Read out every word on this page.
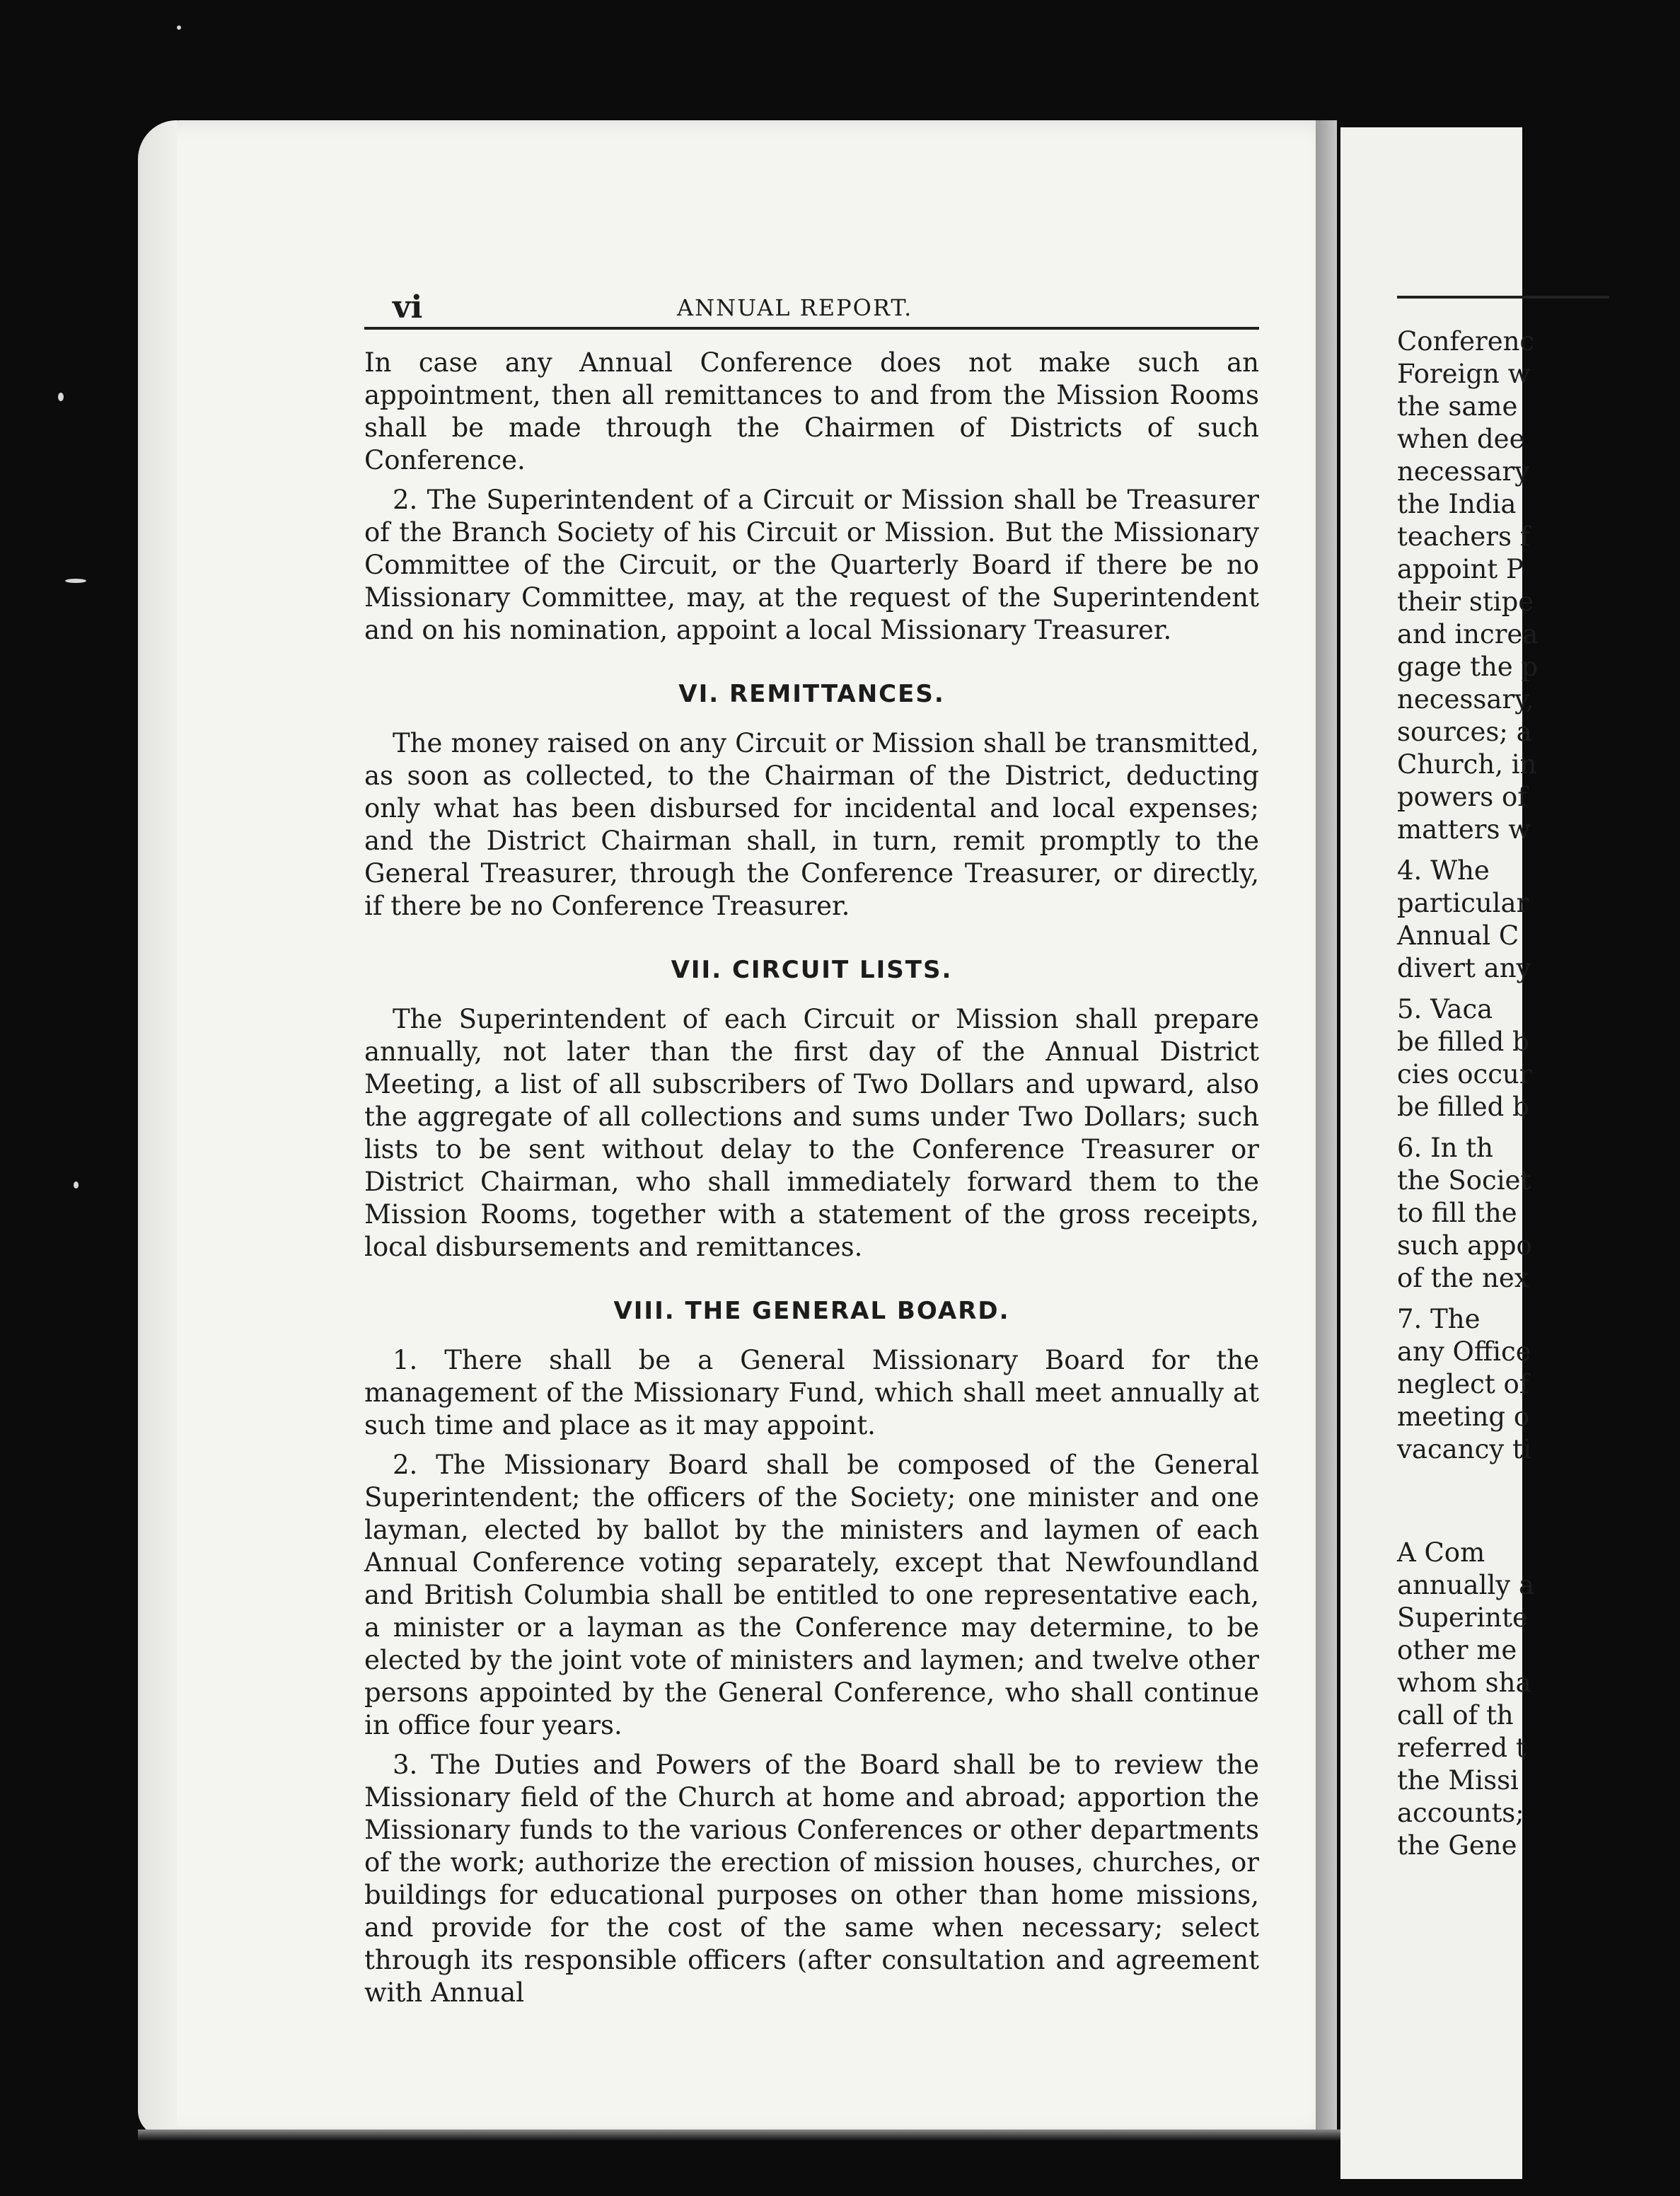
Conferenc
Foreign w
the same
when dee
necessary
the India
teachers f
appoint P
their stipe
and increa
gage the p
necessary,
sources; a
Church, in
powers of
matters w
4. Whe
particular
Annual C
divert any
5. Vaca
be filled b
cies occur
be filled b
6. In th
the Societ
to fill the
such appo
of the nex
7. The
any Office
neglect of
meeting o
vacancy ti
A Com
annually a
Superinte
other me
whom sha
call of th
referred t
the Missi
accounts;
the Gene
vi	ANNUAL REPORT.

In case any Annual Conference does not make such an appointment, then all remittances to and from the Mission Rooms shall be made through the Chairmen of Districts of such Conference.

2. The Superintendent of a Circuit or Mission shall be Treasurer of the Branch Society of his Circuit or Mission. But the Missionary Committee of the Circuit, or the Quarterly Board if there be no Missionary Committee, may, at the request of the Superintendent and on his nomination, appoint a local Missionary Treasurer.

VI. REMITTANCES.

The money raised on any Circuit or Mission shall be transmitted, as soon as collected, to the Chairman of the District, deducting only what has been disbursed for incidental and local expenses; and the District Chairman shall, in turn, remit promptly to the General Treasurer, through the Conference Treasurer, or directly, if there be no Conference Treasurer.

VII. CIRCUIT LISTS.

The Superintendent of each Circuit or Mission shall prepare annually, not later than the first day of the Annual District Meeting, a list of all subscribers of Two Dollars and upward, also the aggregate of all collections and sums under Two Dollars; such lists to be sent without delay to the Conference Treasurer or District Chairman, who shall immediately forward them to the Mission Rooms, together with a statement of the gross receipts, local disbursements and remittances.

VIII. THE GENERAL BOARD.

1. There shall be a General Missionary Board for the management of the Missionary Fund, which shall meet annually at such time and place as it may appoint.

2. The Missionary Board shall be composed of the General Superintendent; the officers of the Society; one minister and one layman, elected by ballot by the ministers and laymen of each Annual Conference voting separately, except that Newfoundland and British Columbia shall be entitled to one representative each, a minister or a layman as the Conference may determine, to be elected by the joint vote of ministers and laymen; and twelve other persons appointed by the General Conference, who shall continue in office four years.

3. The Duties and Powers of the Board shall be to review the Missionary field of the Church at home and abroad; apportion the Missionary funds to the various Conferences or other departments of the work; authorize the erection of mission houses, churches, or buildings for educational purposes on other than home missions, and provide for the cost of the same when necessary; select through its responsible officers (after consultation and agreement with Annual
